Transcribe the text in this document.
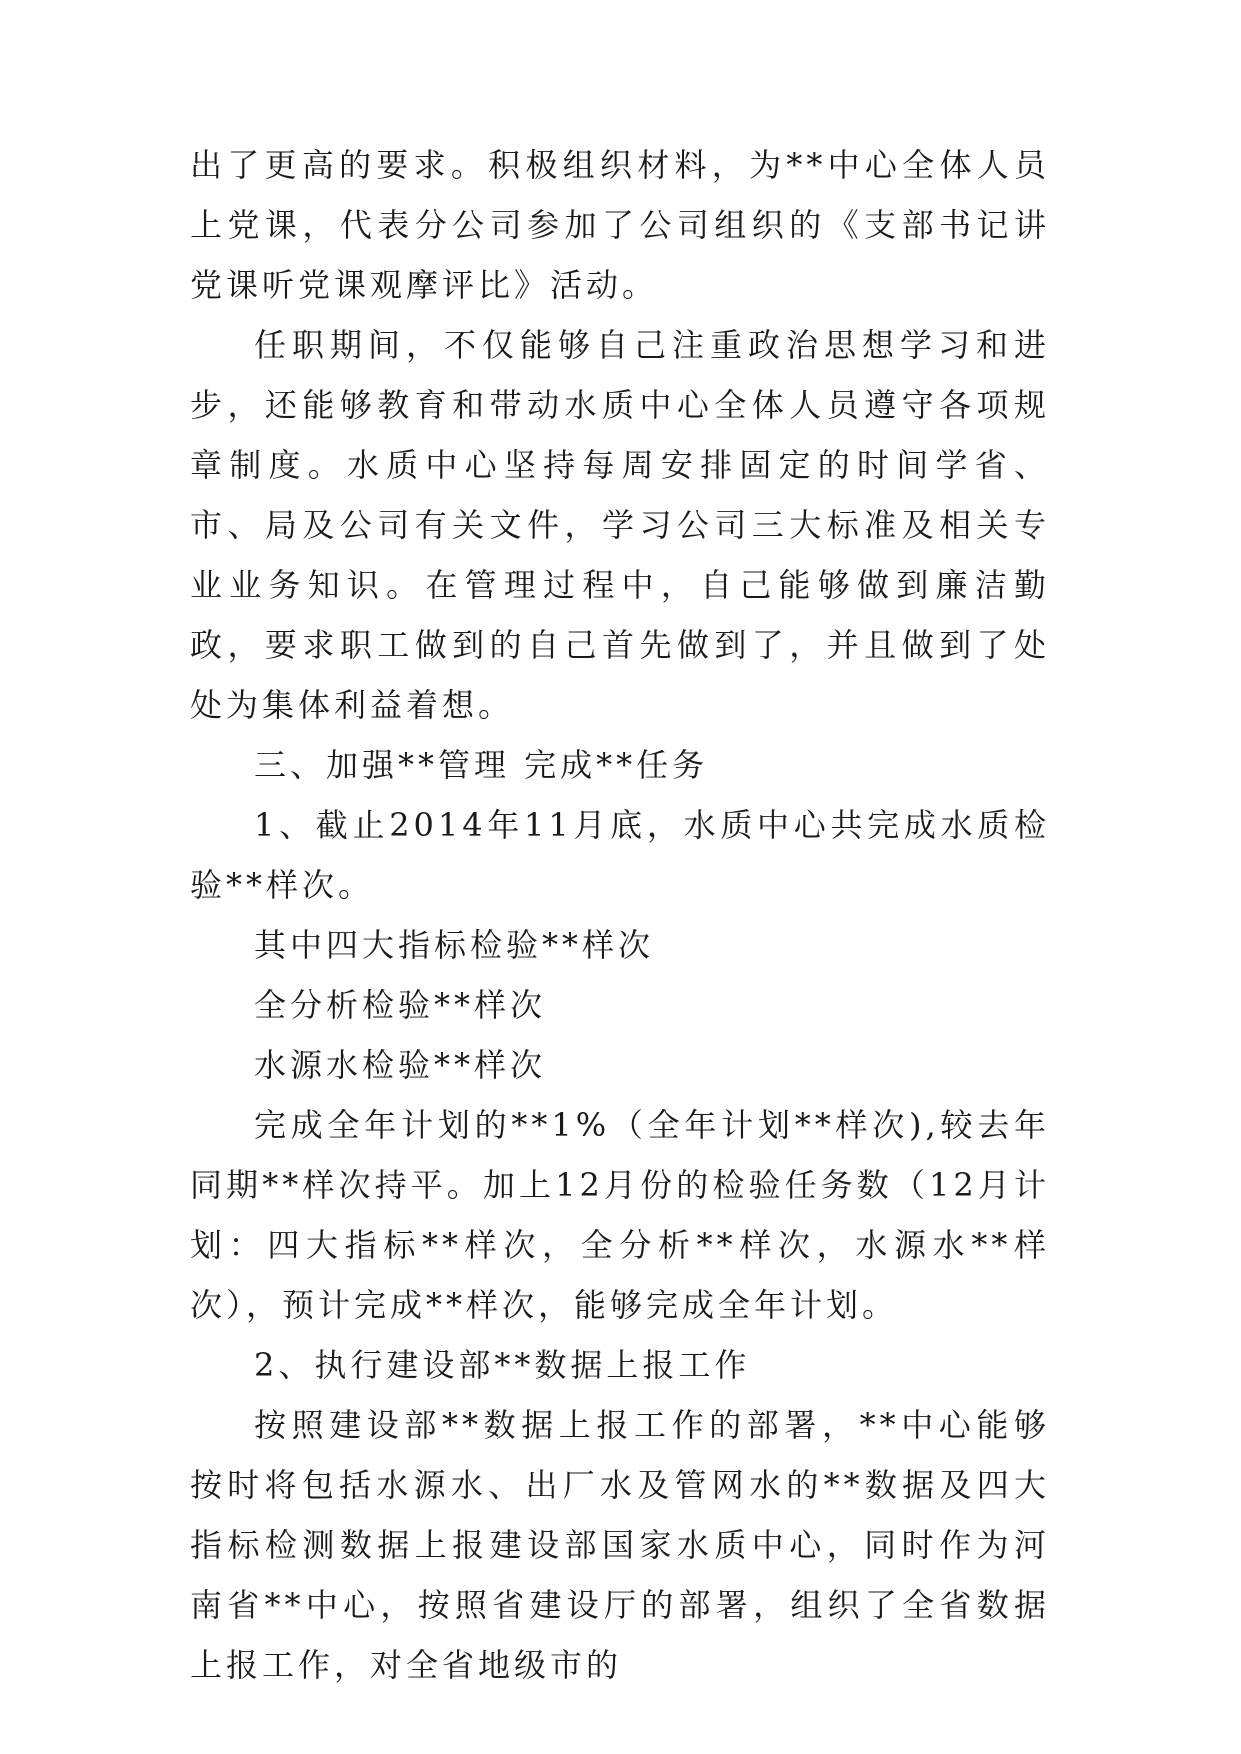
出了更高的要求。积极组织材料，为**中心全体人员上党课，代表分公司参加了公司组织的《支部书记讲党课听党课观摩评比》活动。

任职期间，不仅能够自己注重政治思想学习和进步，还能够教育和带动水质中心全体人员遵守各项规章制度。水质中心坚持每周安排固定的时间学省、市、局及公司有关文件，学习公司三大标准及相关专业业务知识。在管理过程中，自己能够做到廉洁勤政，要求职工做到的自己首先做到了，并且做到了处处为集体利益着想。

三、加强**管理 完成**任务

1、截止2014年11月底，水质中心共完成水质检验**样次。

其中四大指标检验**样次

全分析检验**样次

水源水检验**样次

完成全年计划的**1%（全年计划**样次),较去年同期**样次持平。加上12月份的检验任务数（12月计划：四大指标**样次，全分析**样次，水源水**样次），预计完成**样次，能够完成全年计划。

2、执行建设部**数据上报工作

按照建设部**数据上报工作的部署，**中心能够按时将包括水源水、出厂水及管网水的**数据及四大指标检测数据上报建设部国家水质中心，同时作为河南省**中心，按照省建设厅的部署，组织了全省数据上报工作，对全省地级市的
